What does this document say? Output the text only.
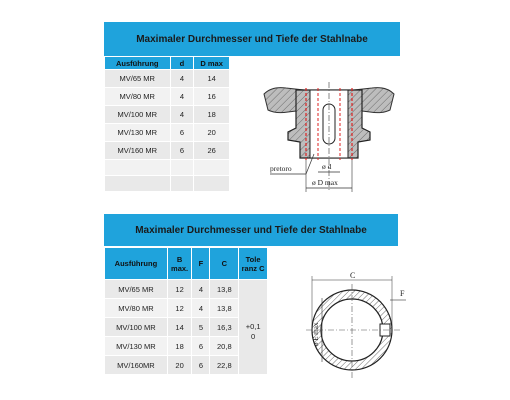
Maximaler Durchmesser und Tiefe der Stahlnabe
Ausführung	d	D max
MV/65 MR	4	14
MV/80 MR	4	16
MV/100 MR	4	18
MV/130 MR	6	20
MV/160 MR	6	26

pretoro	ø d
ø D max
Maximaler Durchmesser und Tiefe der Stahlnabe
Ausführung	B max.	F	C	Tole ranz C
MV/65 MR	12	4	13,8	+0,1
0

MV/80 MR	12	4	13,8	
MV/100 MR	14	5	16,3	
MV/130 MR	18	6	20,8	
MV/160MR	20	6	22,8	
C
F
ø E max
